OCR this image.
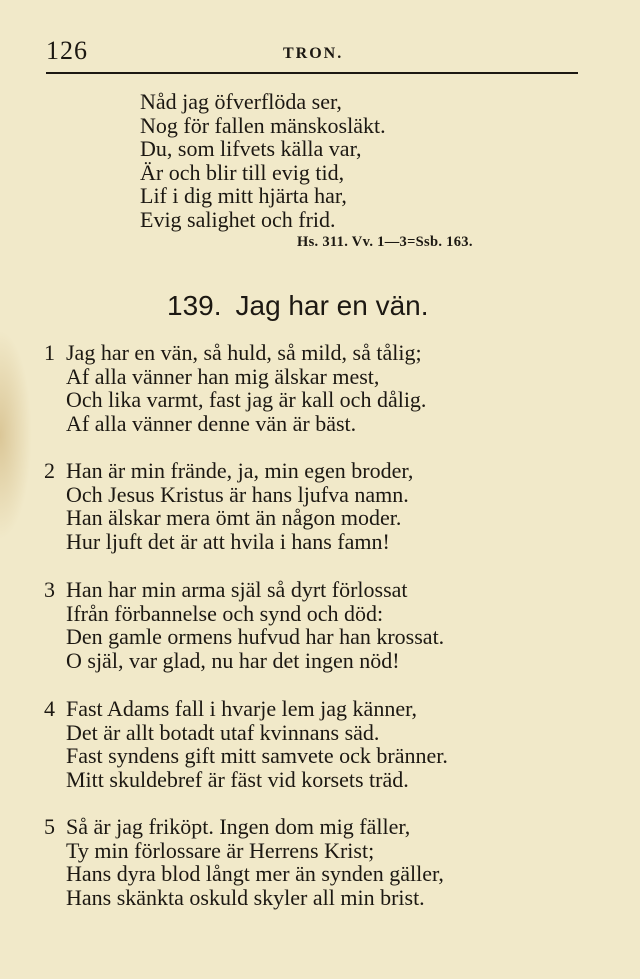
126	TRON.
Nåd jag öfverflöda ser,
Nog för fallen mänskosläkt.
Du, som lifvets källa var,
Är och blir till evig tid,
Lif i dig mitt hjärta har,
Evig salighet och frid.
Hs. 311. Vv. 1—3=Ssb. 163.
139. Jag har en vän.
1 Jag har en vän, så huld, så mild, så tålig;
Af alla vänner han mig älskar mest,
Och lika varmt, fast jag är kall och dålig.
Af alla vänner denne vän är bäst.
2 Han är min frände, ja, min egen broder,
Och Jesus Kristus är hans ljufva namn.
Han älskar mera ömt än någon moder.
Hur ljuft det är att hvila i hans famn!
3 Han har min arma själ så dyrt förlossat
Ifrån förbannelse och synd och död:
Den gamle ormens hufvud har han krossat.
O själ, var glad, nu har det ingen nöd!
4 Fast Adams fall i hvarje lem jag känner,
Det är allt botadt utaf kvinnans säd.
Fast syndens gift mitt samvete ock bränner.
Mitt skuldebref är fäst vid korsets träd.
5 Så är jag friköpt. Ingen dom mig fäller,
Ty min förlossare är Herrens Krist;
Hans dyra blod långt mer än synden gäller,
Hans skänkta oskuld skyler all min brist.
